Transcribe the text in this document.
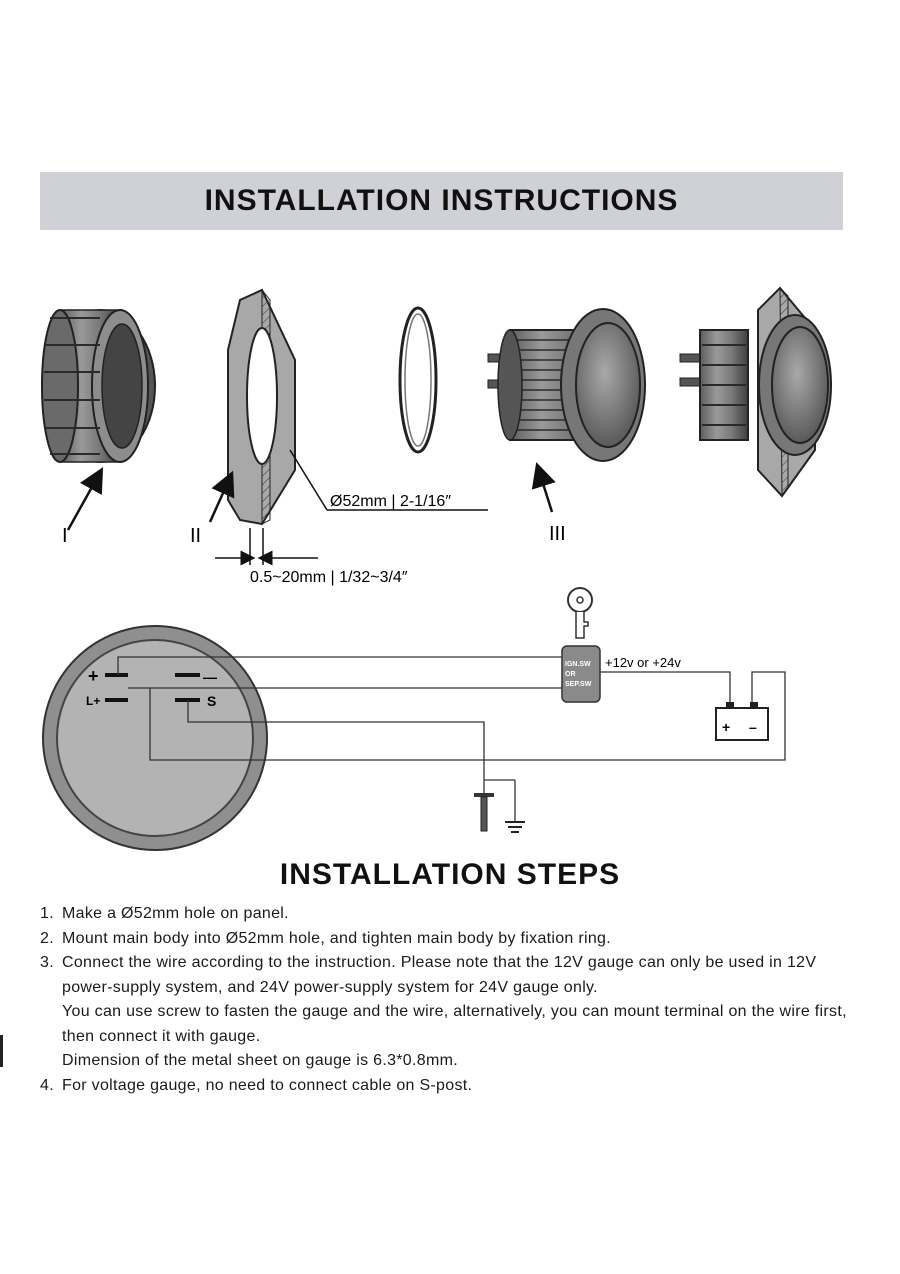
INSTALLATION INSTRUCTIONS
I	II	III
Ø52mm | 2-1/16″
0.5~20mm | 1/32~3/4″
+	—
L+	S
IGN.SW
OR
SEP.SW
+12v or +24v
+ –
INSTALLATION STEPS
1. Make a Ø52mm hole on panel.
2. Mount main body into Ø52mm hole, and tighten main body by fixation ring.
3. Connect the wire according to the instruction. Please note that the 12V gauge can only be used in 12V power-supply system, and 24V power-supply system for 24V gauge only.
You can use screw to fasten the gauge and the wire, alternatively, you can mount terminal on the wire first, then connect it with gauge.
Dimension of the metal sheet on gauge is 6.3*0.8mm.
4. For voltage gauge, no need to connect cable on S-post.
